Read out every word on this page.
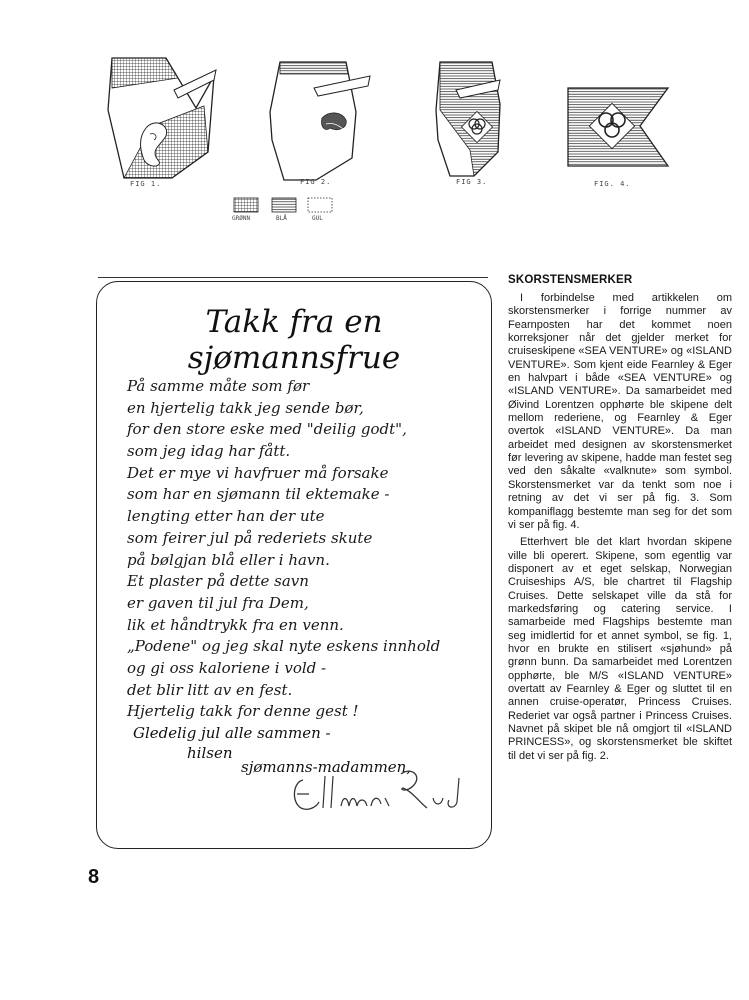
FIG 1.	FIG 2.	FIG 3.	FIG. 4.
GRØNN	BLÅ	GUL
Takk fra en sjømannsfrue
På samme måte som før
en hjertelig takk jeg sende bør,
for den store eske med "deilig godt",
som jeg idag har fått.
Det er mye vi havfruer må forsake
som har en sjømann til ektemake -
lengting etter han der ute
som feirer jul på rederiets skute
på bølgjan blå eller i havn.
Et plaster på dette savn
er gaven til jul fra Dem,
lik et håndtrykk fra en venn.
„Podene" og jeg skal nyte eskens innhold
og gi oss kaloriene i vold -
det blir litt av en fest.
Hjertelig takk for denne gest !
Gledelig jul alle sammen -
hilsen
sjømanns-madammen,
8
SKORSTENSMERKER

I forbindelse med artikkelen om skorstensmerker i forrige nummer av Fearnposten har det kommet noen korreksjoner når det gjelder merket for cruiseskipene «SEA VENTURE» og «ISLAND VENTURE». Som kjent eide Fearnley & Eger en halvpart i både «SEA VENTURE» og «ISLAND VENTURE». Da samarbeidet med Øivind Lorentzen opphørte ble skipene delt mellom rederiene, og Fearnley & Eger overtok «ISLAND VENTURE». Da man arbeidet med designen av skorstensmerket før levering av skipene, hadde man festet seg ved den såkalte «valknute» som symbol. Skorstensmerket var da tenkt som noe i retning av det vi ser på fig. 3. Som kompaniflagg bestemte man seg for det som vi ser på fig. 4.

Etterhvert ble det klart hvordan skipene ville bli operert. Skipene, som egentlig var disponert av et eget selskap, Norwegian Cruiseships A/S, ble chartret til Flagship Cruises. Dette selskapet ville da stå for markedsføring og catering service. I samarbeide med Flagships bestemte man seg imidlertid for et annet symbol, se fig. 1, hvor en brukte en stilisert «sjøhund» på grønn bunn. Da samarbeidet med Lorentzen opphørte, ble M/S «ISLAND VENTURE» overtatt av Fearnley & Eger og sluttet til en annen cruise-operatør, Princess Cruises. Rederiet var også partner i Princess Cruises. Navnet på skipet ble nå omgjort til «ISLAND PRINCESS», og skorstensmerket ble skiftet til det vi ser på fig. 2.
